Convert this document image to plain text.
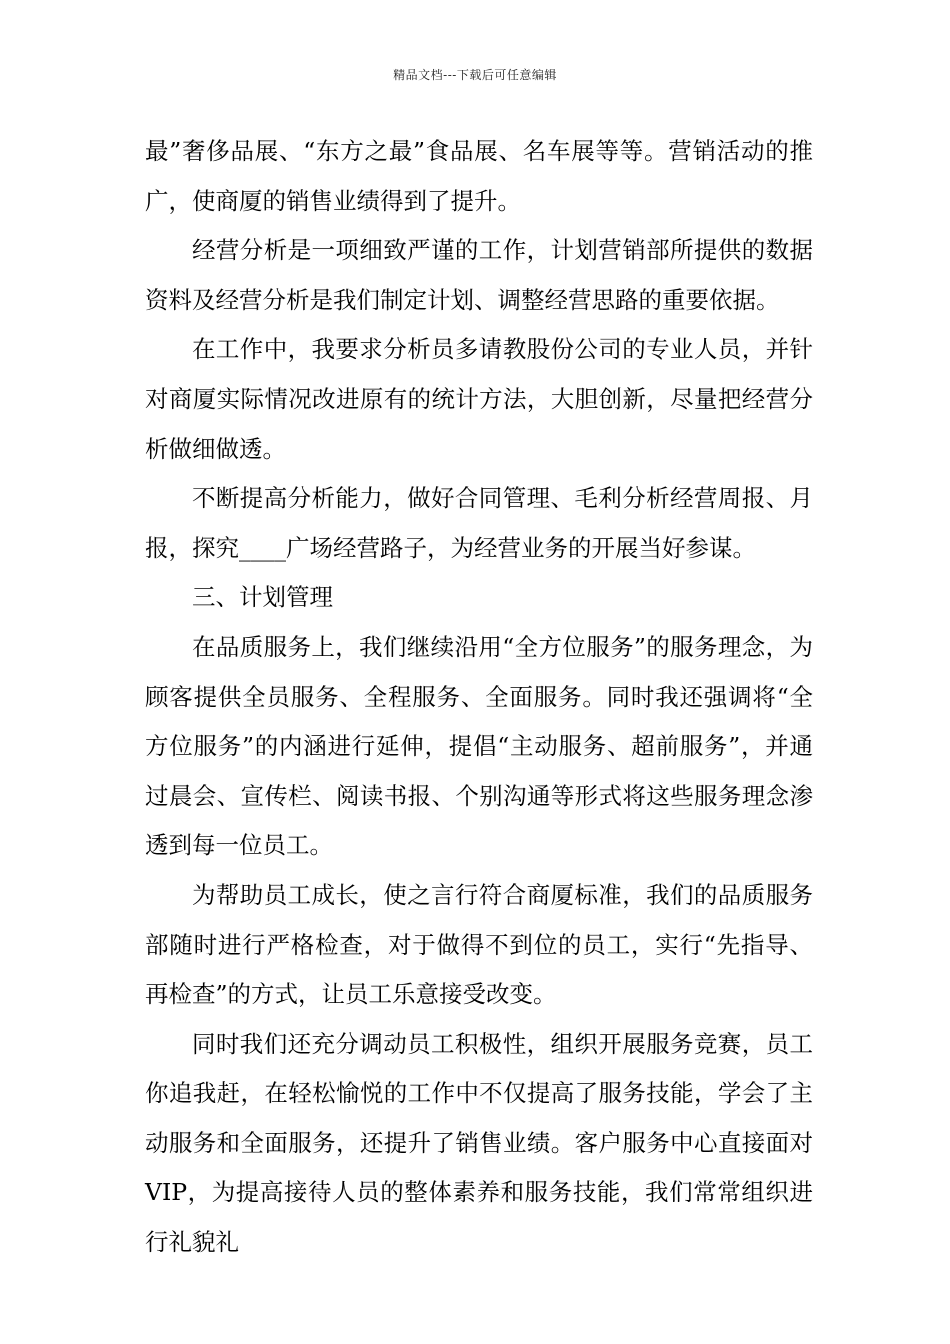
精品文档---下载后可任意编辑

最”奢侈品展、“东方之最”食品展、名车展等等。营销活动的推广，使商厦的销售业绩得到了提升。

经营分析是一项细致严谨的工作，计划营销部所提供的数据资料及经营分析是我们制定计划、调整经营思路的重要依据。

在工作中，我要求分析员多请教股份公司的专业人员，并针对商厦实际情况改进原有的统计方法，大胆创新，尽量把经营分析做细做透。

不断提高分析能力，做好合同管理、毛利分析经营周报、月报，探究____广场经营路子，为经营业务的开展当好参谋。

三、计划管理

在品质服务上，我们继续沿用“全方位服务”的服务理念，为顾客提供全员服务、全程服务、全面服务。同时我还强调将“全方位服务”的内涵进行延伸，提倡“主动服务、超前服务”，并通过晨会、宣传栏、阅读书报、个别沟通等形式将这些服务理念渗透到每一位员工。

为帮助员工成长，使之言行符合商厦标准，我们的品质服务部随时进行严格检查，对于做得不到位的员工，实行“先指导、再检查”的方式，让员工乐意接受改变。

同时我们还充分调动员工积极性，组织开展服务竞赛，员工你追我赶，在轻松愉悦的工作中不仅提高了服务技能，学会了主动服务和全面服务，还提升了销售业绩。客户服务中心直接面对VIP，为提高接待人员的整体素养和服务技能，我们常常组织进行礼貌礼
